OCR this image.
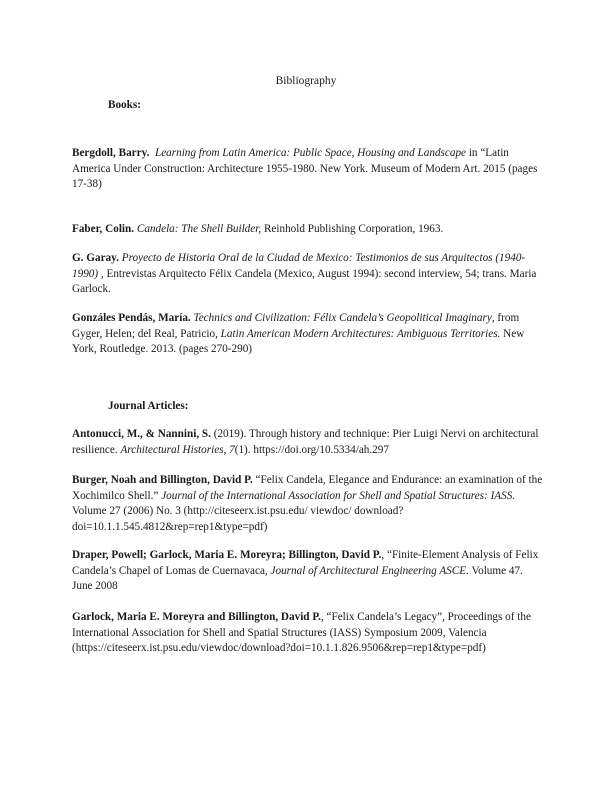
Bibliography
Books:

Bergdoll, Barry. Learning from Latin America: Public Space, Housing and Landscape in “Latin America Under Construction: Architecture 1955-1980. New York. Museum of Modern Art. 2015 (pages 17-38)

Faber, Colin. Candela: The Shell Builder, Reinhold Publishing Corporation, 1963.

G. Garay. Proyecto de Historia Oral de la Ciudad de Mexico: Testimonios de sus Arquitectos (1940-1990) , Entrevistas Arquitecto Félix Candela (Mexico, August 1994): second interview, 54; trans. Maria Garlock.

Gonzáles Pendás, María. Technics and Civilization: Félix Candela’s Geopolitical Imaginary, from Gyger, Helen; del Real, Patricio, Latin American Modern Architectures: Ambiguous Territories. New York, Routledge. 2013. (pages 270-290)

Journal Articles:

Antonucci, M., & Nannini, S. (2019). Through history and technique: Pier Luigi Nervi on architectural resilience. Architectural Histories, 7(1). https://doi.org/10.5334/ah.297

Burger, Noah and Billington, David P. “Felix Candela, Elegance and Endurance: an examination of the Xochimilco Shell.” Journal of the International Association for Shell and Spatial Structures: IASS. Volume 27 (2006) No. 3 (http://citeseerx.ist.psu.edu/ viewdoc/ download?doi=10.1.1.545.4812&rep=rep1&type=pdf)

Draper, Powell; Garlock, Maria E. Moreyra; Billington, David P., “Finite-Element Analysis of Felix Candela’s Chapel of Lomas de Cuernavaca, Journal of Architectural Engineering ASCE. Volume 47. June 2008

Garlock, Maria E. Moreyra and Billington, David P., “Felix Candela’s Legacy”, Proceedings of the International Association for Shell and Spatial Structures (IASS) Symposium 2009, Valencia (https://citeseerx.ist.psu.edu/viewdoc/download?doi=10.1.1.826.9506&rep=rep1&type=pdf)
